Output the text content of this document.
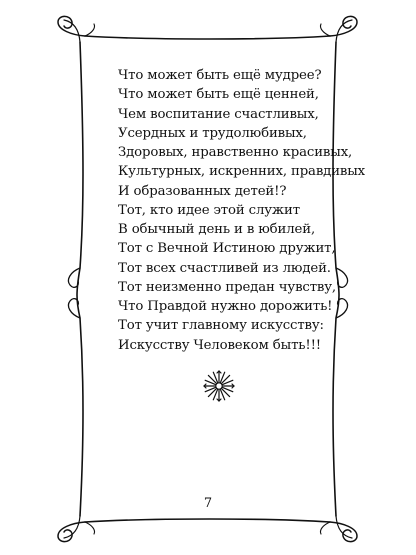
Что может быть ещё мудрее?
Что может быть ещё ценней,
Чем воспитание счастливых,
Усердных и трудолюбивых,
Здоровых, нравственно красивых,
Культурных, искренних, правдивых
И образованных детей!?
Тот, кто идее этой служит
В обычный день и в юбилей,
Тот с Вечной Истиною дружит,
Тот всех счастливей из людей.
Тот неизменно предан чувству,
Что Правдой нужно дорожить!
Тот учит главному искусству:
Искусству Человеком быть!!!
7
